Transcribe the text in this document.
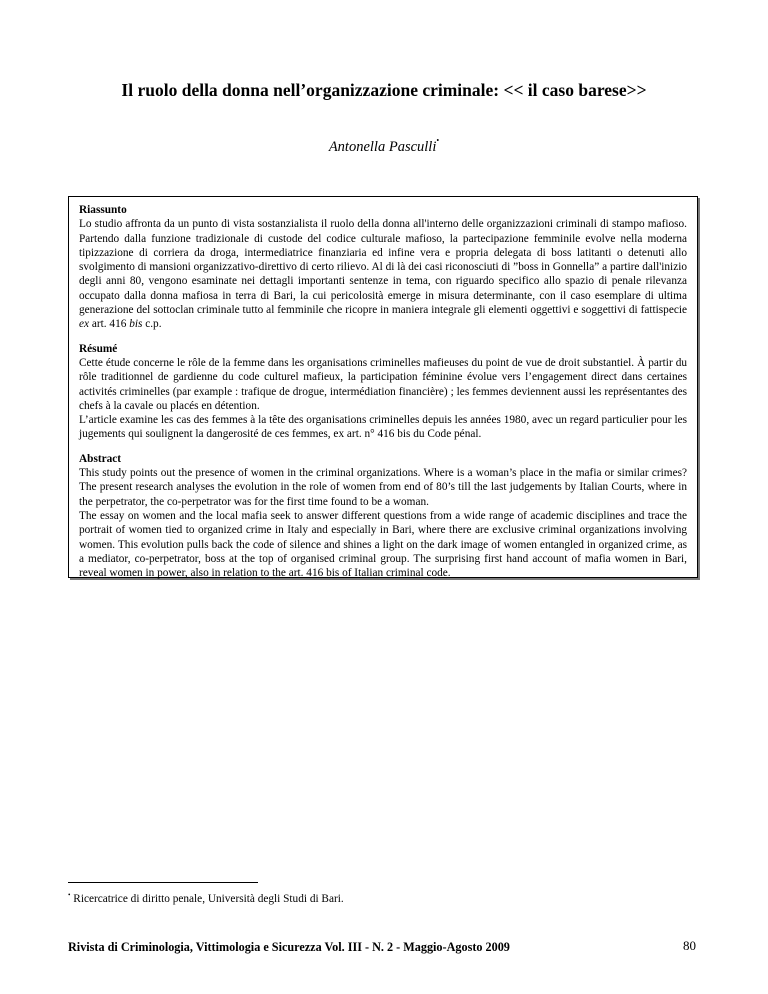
Il ruolo della donna nell’organizzazione criminale: << il caso barese>>
Antonella Pasculli•
Riassunto

Lo studio affronta da un punto di vista sostanzialista il ruolo della donna all'interno delle organizzazioni criminali di stampo mafioso. Partendo dalla funzione tradizionale di custode del codice culturale mafioso, la partecipazione femminile evolve nella moderna tipizzazione di corriera da droga, intermediatrice finanziaria ed infine vera e propria delegata di boss latitanti o detenuti allo svolgimento di mansioni organizzativo-direttivo di certo rilievo. Al di là dei casi riconosciuti di ”boss in Gonnella” a partire dall'inizio degli anni 80, vengono esaminate nei dettagli importanti sentenze in tema, con riguardo specifico allo spazio di penale rilevanza occupato dalla donna mafiosa in terra di Bari, la cui pericolosità emerge in misura determinante, con il caso esemplare di ultima generazione del sottoclan criminale tutto al femminile che ricopre in maniera integrale gli elementi oggettivi e soggettivi di fattispecie ex art. 416 bis c.p.

Résumé

Cette étude concerne le rôle de la femme dans les organisations criminelles mafieuses du point de vue de droit substantiel. À partir du rôle traditionnel de gardienne du code culturel mafieux, la participation féminine évolue vers l’engagement direct dans certaines activités criminelles (par example : trafique de drogue, intermédiation financière) ; les femmes deviennent aussi les représentantes des chefs à la cavale ou placés en détention.

L’article examine les cas des femmes à la tête des organisations criminelles depuis les années 1980, avec un regard particulier pour les jugements qui soulignent la dangerosité de ces femmes, ex art. n° 416 bis du Code pénal.

Abstract

This study points out the presence of women in the criminal organizations. Where is a woman’s place in the mafia or similar crimes? The present research analyses the evolution in the role of women from end of 80’s till the last judgements by Italian Courts, where in the perpetrator, the co-perpetrator was for the first time found to be a woman.

The essay on women and the local mafia seek to answer different questions from a wide range of academic disciplines and trace the portrait of women tied to organized crime in Italy and especially in Bari, where there are exclusive criminal organizations involving women. This evolution pulls back the code of silence and shines a light on the dark image of women entangled in organized crime, as a mediator, co-perpetrator, boss at the top of organised criminal group. The surprising first hand account of mafia women in Bari, reveal women in power, also in relation to the art. 416 bis of Italian criminal code.

• Ricercatrice di diritto penale, Università degli Studi di Bari.
Rivista di Criminologia, Vittimologia e Sicurezza Vol. III - N. 2 - Maggio-Agosto 2009	80
